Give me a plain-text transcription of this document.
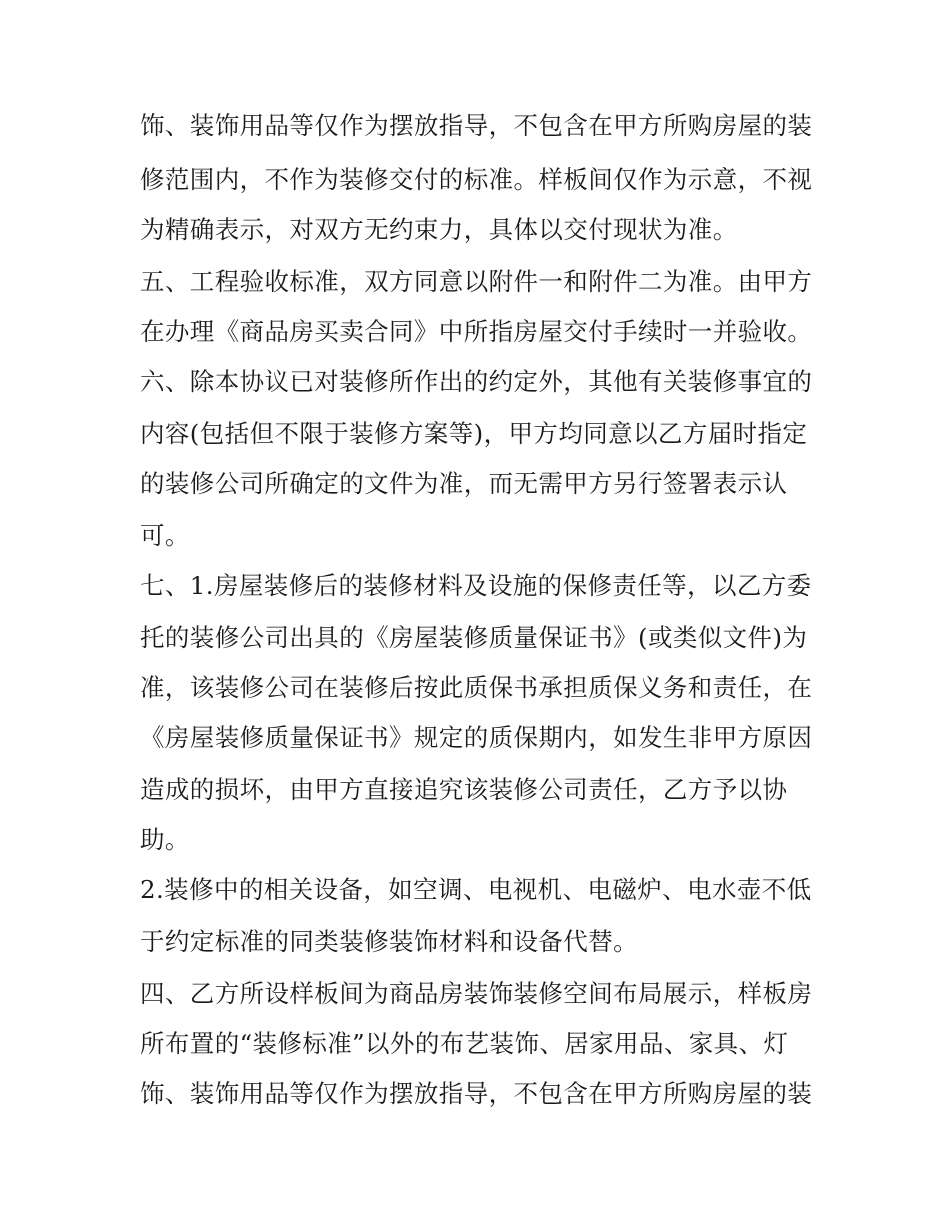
饰、装饰用品等仅作为摆放指导，不包含在甲方所购房屋的装
修范围内，不作为装修交付的标准。样板间仅作为示意，不视
为精确表示，对双方无约束力，具体以交付现状为准。
五、工程验收标准，双方同意以附件一和附件二为准。由甲方
在办理《商品房买卖合同》中所指房屋交付手续时一并验收。
六、除本协议已对装修所作出的约定外，其他有关装修事宜的
内容(包括但不限于装修方案等)，甲方均同意以乙方届时指定
的装修公司所确定的文件为准，而无需甲方另行签署表示认
可。
七、1.房屋装修后的装修材料及设施的保修责任等，以乙方委
托的装修公司出具的《房屋装修质量保证书》(或类似文件)为
准，该装修公司在装修后按此质保书承担质保义务和责任，在
《房屋装修质量保证书》规定的质保期内，如发生非甲方原因
造成的损坏，由甲方直接追究该装修公司责任，乙方予以协
助。
2.装修中的相关设备，如空调、电视机、电磁炉、电水壶不低
于约定标准的同类装修装饰材料和设备代替。
四、乙方所设样板间为商品房装饰装修空间布局展示，样板房
所布置的“装修标准”以外的布艺装饰、居家用品、家具、灯
饰、装饰用品等仅作为摆放指导，不包含在甲方所购房屋的装
